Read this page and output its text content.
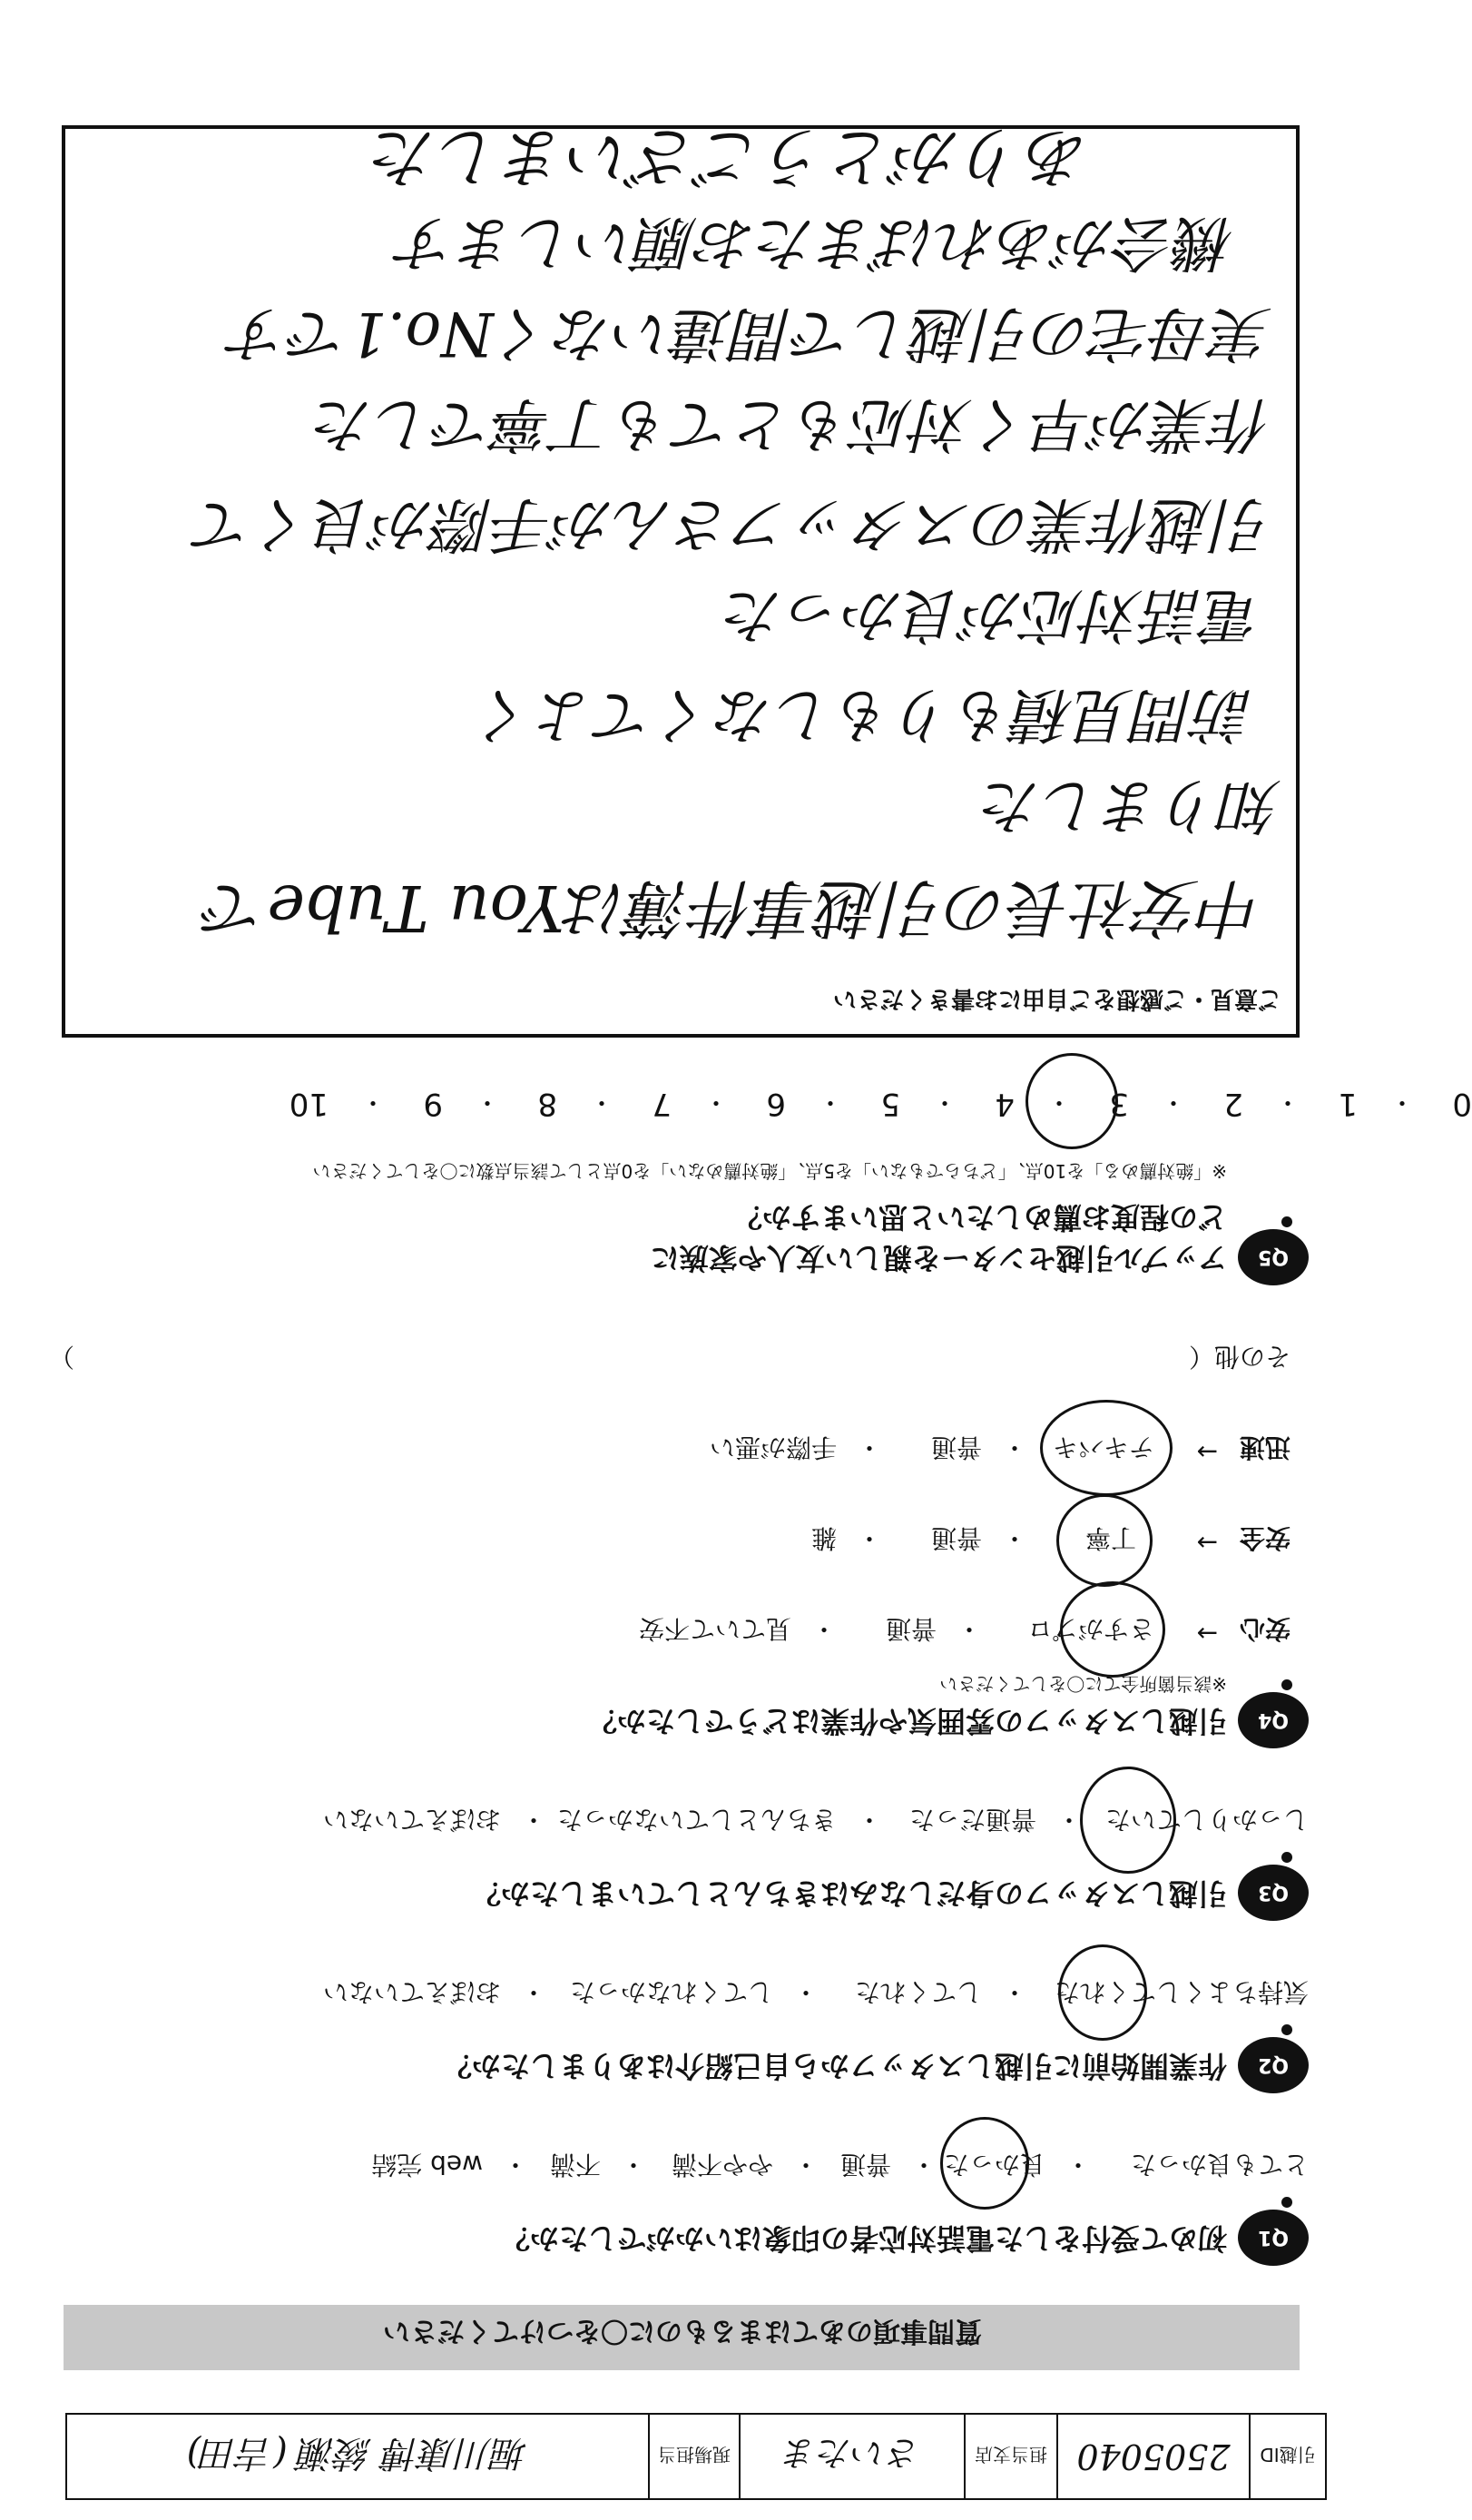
引越ID
2505040
担当支店
さいたま
現場担当
堀川康博 綾瀬 (吉田)
質問事項のあてはまるものに〇をつけてください
Q1
初めて受付をした電話対応者の印象はいかがでしたか？
とても良かった
・
良かった
・
普通
・
やや不満
・
不満
・
web 完結
Q2
作業開始前に引越しスタッフから自己紹介はありましたか？
気持ちよくしてくれた
・
してくれた
・
してくれなかった
・
おぼえていない
Q3
引越しスタッフの身だしなみはきちんとしていましたか？
しっかりしていた
・
普通だった
・
きちんとしていなかった
・
おぼえていない
Q4
引越しスタッフの雰囲気や作業はどうでしたか？
※該当箇所全てに〇をしてください
安心
→
さすがプロ
・
普通
・
見ていて不安
安全
→
丁寧
・
普通
・
雑
迅速
→
テキパキ
・
普通
・
手際が悪い
その他（
）
Q5
アップル引越センターを親しい友人や家族に
どの程度お薦めしたいと思いますか？
※「絶対薦める」を10点、「どちらでもない」を5点、「絶対薦めない」を0点として該当点数に〇をしてください
10 ・ 9 ・ 8 ・ 7 ・ 6 ・ 5 ・ 4 ・ 3 ・ 2 ・ 1 ・ 0
ご意見・ご感想をご自由にお書きください
中安社長の引越事件簿はYou Tubeで
知りました
訪問見積もりもしなくてよく
電話対応が良かった
引越作業のスタッフさんが手際が良くて
作業が早く対応もとても丁寧でした
実母宅の引越しで間違いなくNo.1です
機会があればまたお願いします
ありがとうございました
